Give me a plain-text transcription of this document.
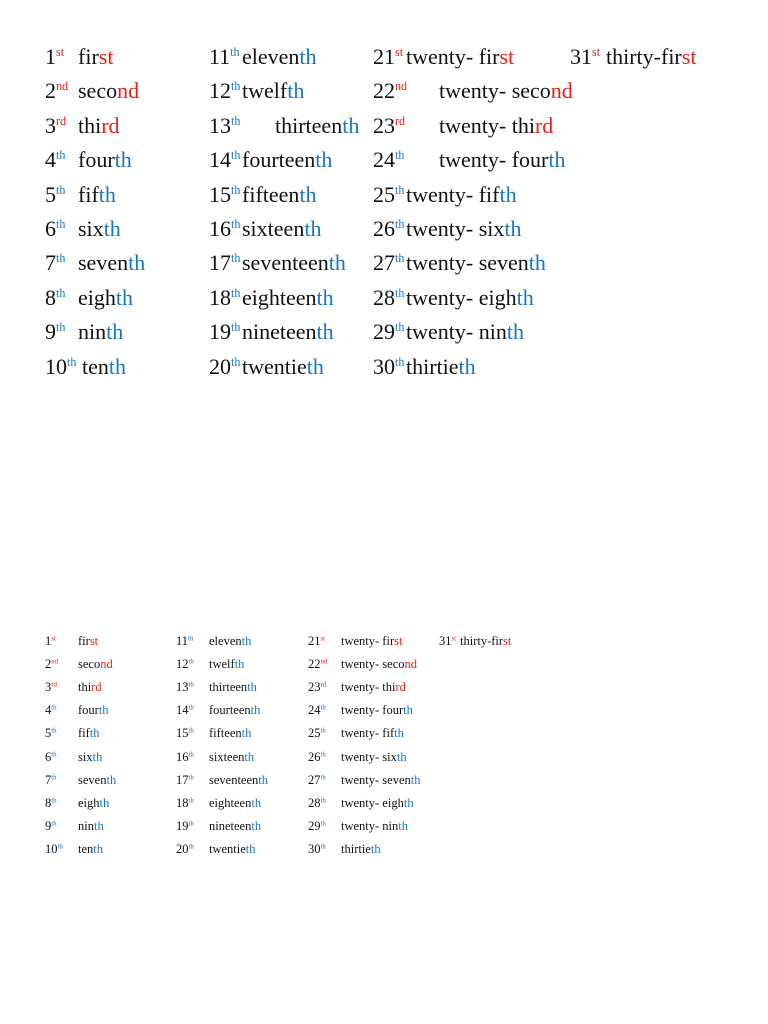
1st first
2nd second
3rd third
4th fourth
5th fifth
6th sixth
7th seventh
8th eighth
9th ninth
10th tenth
11th eleventh
12th twelfth
13th thirteenth
14th fourteenth
15th fifteenth
16th sixteenth
17th seventeenth
18th eighteenth
19th nineteenth
20th twentieth
21st twenty- first
22nd twenty- second
23rd twenty- third
24th twenty- fourth
25th twenty- fifth
26th twenty- sixth
27th twenty- seventh
28th twenty- eighth
29th twenty- ninth
30th thirtieth
31st thirty-first
1st first
2nd second
3rd third
4th fourth
5th fifth
6th sixth
7th seventh
8th eighth
9th ninth
10th tenth
11th eleventh
12th twelfth
13th thirteenth
14th fourteenth
15th fifteenth
16th sixteenth
17th seventeenth
18th eighteenth
19th nineteenth
20th twentieth
21st twenty- first
22nd twenty- second
23rd twenty- third
24th twenty- fourth
25th twenty- fifth
26th twenty- sixth
27th twenty- seventh
28th twenty- eighth
29th twenty- ninth
30th thirtieth
31st thirty-first
